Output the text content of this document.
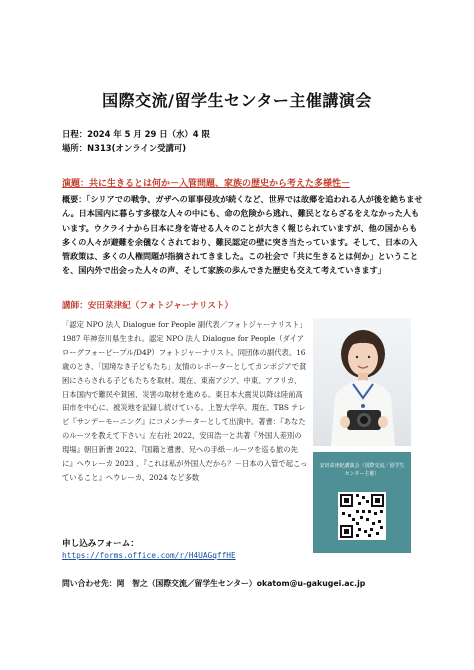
国際交流/留学生センター主催講演会
日程：2024 年 5 月 29 日（水）4 限
場所：N313(オンライン受講可)
演題：共に生きるとは何か－入管問題、家族の歴史から考えた多様性－
概要：「シリアでの戦争、ガザへの軍事侵攻が続くなど、世界では故郷を追われる人が後を絶ちません。日本国内に暮らす多様な人々の中にも、命の危険から逃れ、難民とならざるをえなかった人もいます。ウクライナから日本に身を寄せる人々のことが大きく報じられていますが、他の国からも多くの人々が避難を余儀なくされており、難民認定の壁に突き当たっています。そして、日本の入管政策は、多くの人権問題が指摘されてきました。この社会で「共に生きるとは何か」ということを、国内外で出会った人々の声、そして家族の歩んできた歴史も交えて考えていきます」
講師：安田菜津紀（フォトジャーナリスト）
「認定 NPO 法人 Dialogue for People 副代表／フォトジャーナリスト」1987 年神奈川県生まれ。認定 NPO 法人 Dialogue for People（ダイアローグフォーピープル/D4P）フォトジャーナリスト。同団体の副代表。16 歳のとき、「国境なき子どもたち」友情のレポーターとしてカンボジアで貧困にさらされる子どもたちを取材。現在、東南アジア、中東、アフリカ、日本国内で難民や貧困、災害の取材を進める。東日本大震災以降は陸前高田市を中心に、被災地を記録し続けている。上智大学卒。現在、TBS テレビ『サンデーモーニング』にコメンテーターとして出演中。著書：『あなたのルーツを教えて下さい』左右社 2022、安田浩一と共著『外国人差別の現場』朝日新書 2022、『国籍と遺書、兄への手紙－ルーツを巡る旅の先に』ヘウレーカ 2023 、『これは私が外国人だから？－日本の入管で起こっていること』ヘウレーカ、2024 など多数
安田菜津紀講演会（国際交流／留学生センター主催）
申し込みフォーム：
https://forms.office.com/r/H4UAGqffHE
問い合わせ先：岡　智之（国際交流／留学生センター）okatom@u-gakugei.ac.jp
